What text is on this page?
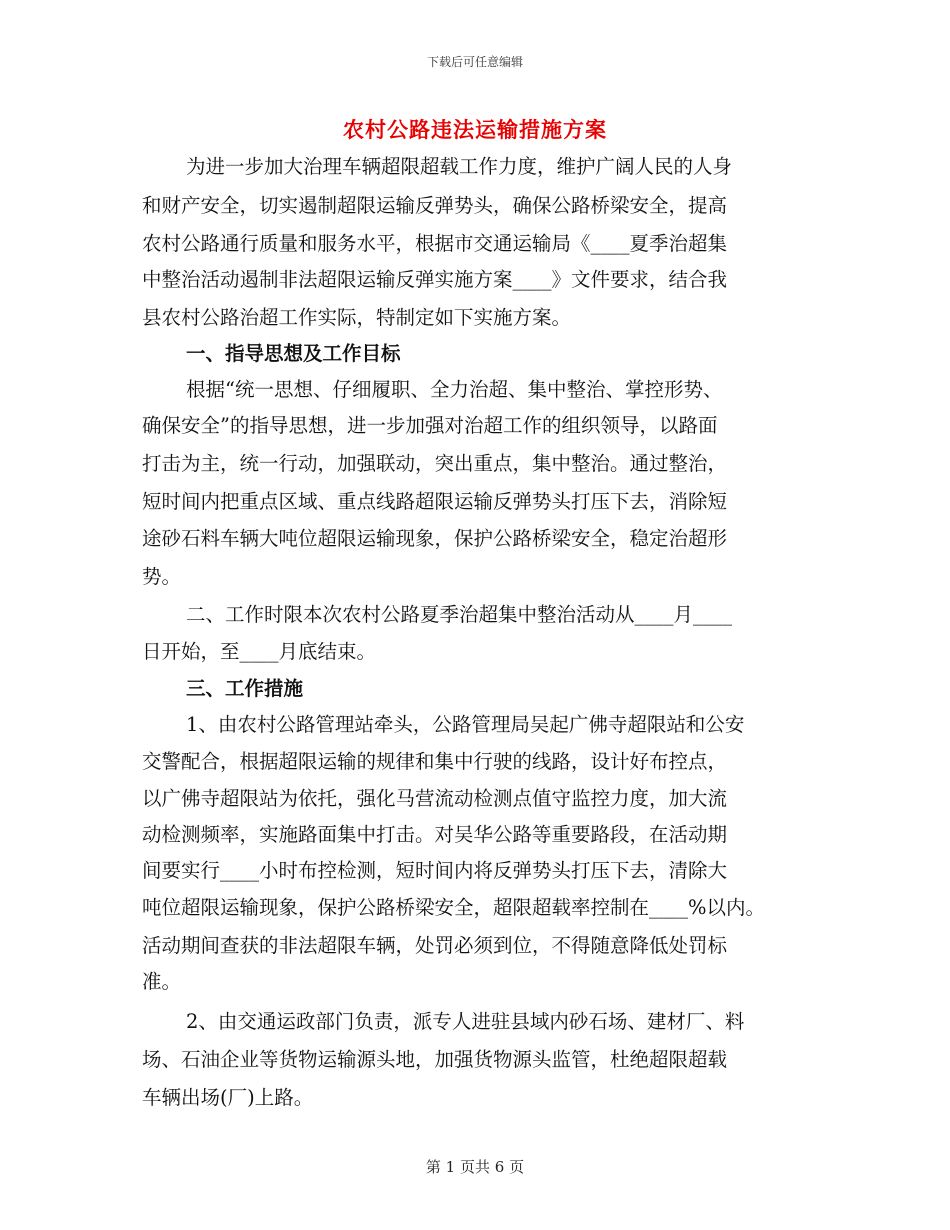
下载后可任意编辑
农村公路违法运输措施方案
为进一步加大治理车辆超限超载工作力度，维护广阔人民的人身
和财产安全，切实遏制超限运输反弹势头，确保公路桥梁安全，提高
农村公路通行质量和服务水平，根据市交通运输局《____夏季治超集
中整治活动遏制非法超限运输反弹实施方案____》文件要求，结合我
县农村公路治超工作实际，特制定如下实施方案。
一、指导思想及工作目标
根据“统一思想、仔细履职、全力治超、集中整治、掌控形势、
确保安全”的指导思想，进一步加强对治超工作的组织领导，以路面
打击为主，统一行动，加强联动，突出重点，集中整治。通过整治，
短时间内把重点区域、重点线路超限运输反弹势头打压下去，消除短
途砂石料车辆大吨位超限运输现象，保护公路桥梁安全，稳定治超形
势。
二、工作时限本次农村公路夏季治超集中整治活动从____月____
日开始，至____月底结束。
三、工作措施
1、由农村公路管理站牵头，公路管理局吴起广佛寺超限站和公安
交警配合，根据超限运输的规律和集中行驶的线路，设计好布控点，
以广佛寺超限站为依托，强化马营流动检测点值守监控力度，加大流
动检测频率，实施路面集中打击。对吴华公路等重要路段，在活动期
间要实行____小时布控检测，短时间内将反弹势头打压下去，清除大
吨位超限运输现象，保护公路桥梁安全，超限超载率控制在____%以内。
活动期间查获的非法超限车辆，处罚必须到位，不得随意降低处罚标
准。
2、由交通运政部门负责，派专人进驻县域内砂石场、建材厂、料
场、石油企业等货物运输源头地，加强货物源头监管，杜绝超限超载
车辆出场(厂)上路。
第 1 页共 6 页
